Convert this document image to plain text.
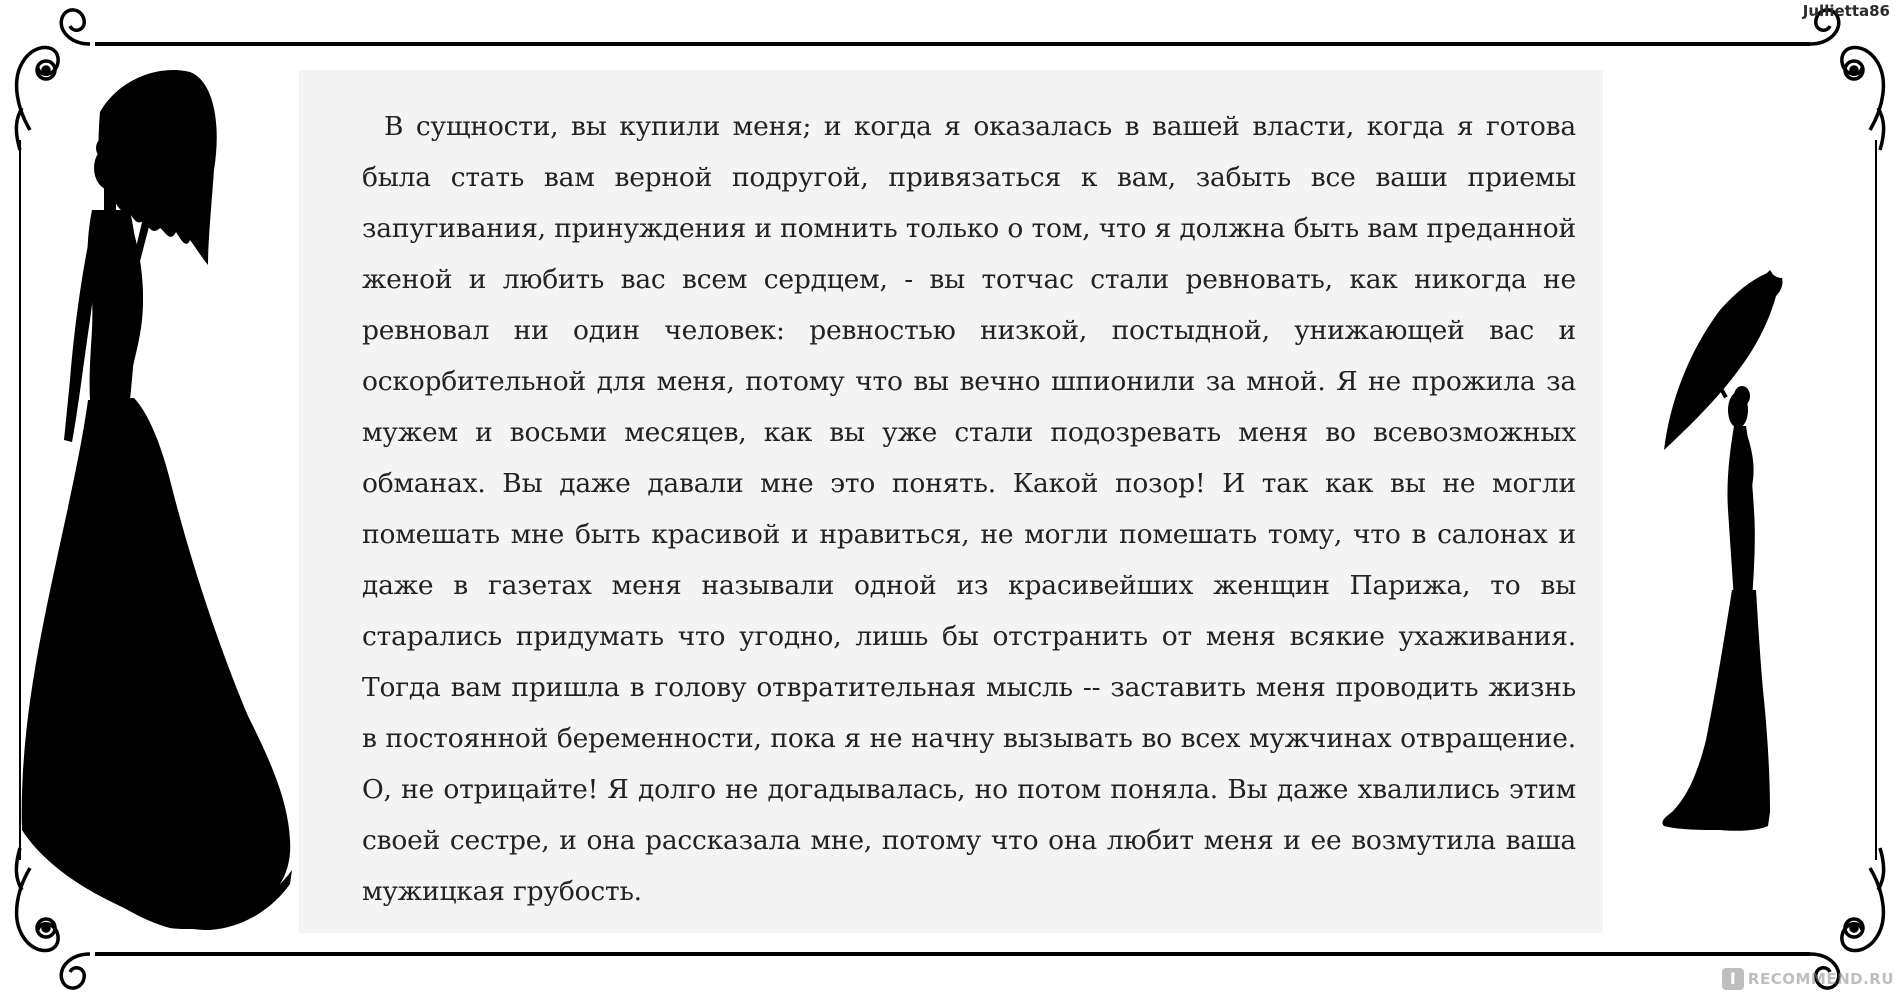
Jullietta86

В сущности, вы купили меня; и когда я оказалась в вашей власти, когда я готова была стать вам верной подругой, привязаться к вам, забыть все ваши приемы запугивания, принуждения и помнить только о том, что я должна быть вам преданной женой и любить вас всем сердцем, - вы тотчас стали ревновать, как никогда не ревновал ни один человек: ревностью низкой, постыдной, унижающей вас и оскорбительной для меня, потому что вы вечно шпионили за мной. Я не прожила за мужем и восьми месяцев, как вы уже стали подозревать меня во всевозможных обманах. Вы даже давали мне это понять. Какой позор! И так как вы не могли помешать мне быть красивой и нравиться, не могли помешать тому, что в салонах и даже в газетах меня называли одной из красивейших женщин Парижа, то вы старались придумать что угодно, лишь бы отстранить от меня всякие ухаживания. Тогда вам пришла в голову отвратительная мысль -- заставить меня проводить жизнь в постоянной беременности, пока я не начну вызывать во всех мужчинах отвращение. О, не отрицайте! Я долго не догадывалась, но потом поняла. Вы даже хвалились этим своей сестре, и она рассказала мне, потому что она любит меня и ее возмутила ваша мужицкая грубость.

I RECOMMEND.RU
